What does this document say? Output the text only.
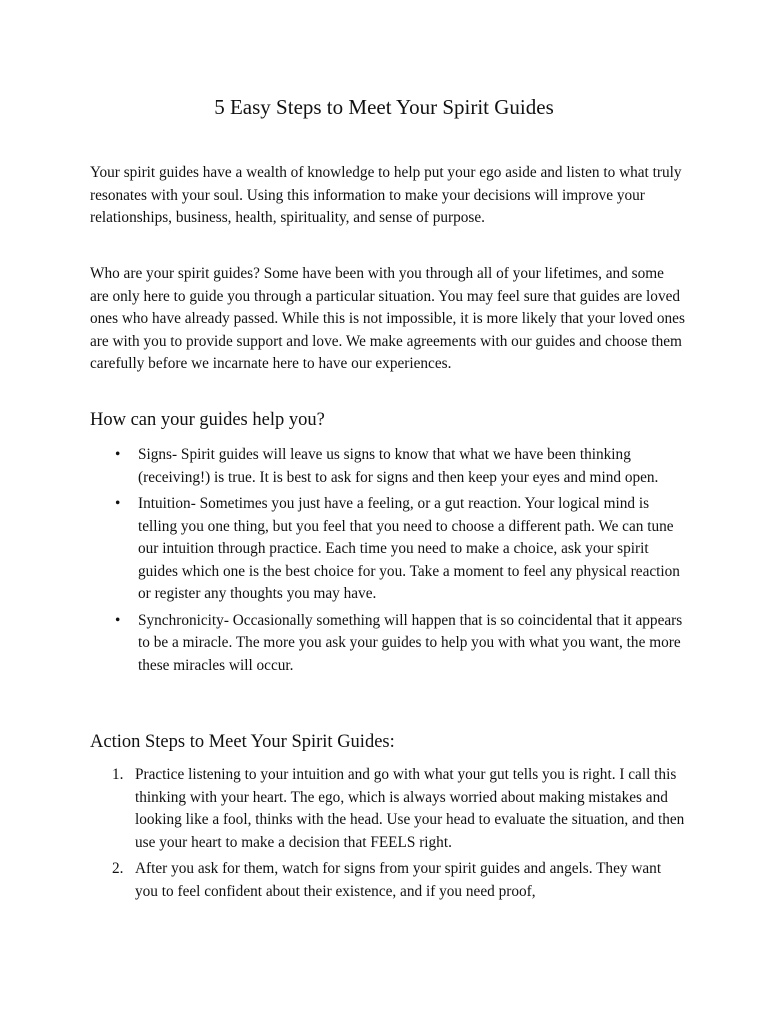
5 Easy Steps to Meet Your Spirit Guides

Your spirit guides have a wealth of knowledge to help put your ego aside and listen to what truly resonates with your soul. Using this information to make your decisions will improve your relationships, business, health, spirituality, and sense of purpose.

Who are your spirit guides? Some have been with you through all of your lifetimes, and some are only here to guide you through a particular situation. You may feel sure that guides are loved ones who have already passed. While this is not impossible, it is more likely that your loved ones are with you to provide support and love. We make agreements with our guides and choose them carefully before we incarnate here to have our experiences.

How can your guides help you?
• Signs- Spirit guides will leave us signs to know that what we have been thinking (receiving!) is true. It is best to ask for signs and then keep your eyes and mind open.
• Intuition- Sometimes you just have a feeling, or a gut reaction. Your logical mind is telling you one thing, but you feel that you need to choose a different path. We can tune our intuition through practice. Each time you need to make a choice, ask your spirit guides which one is the best choice for you. Take a moment to feel any physical reaction or register any thoughts you may have.
• Synchronicity- Occasionally something will happen that is so coincidental that it appears to be a miracle. The more you ask your guides to help you with what you want, the more these miracles will occur.
Action Steps to Meet Your Spirit Guides:
1. Practice listening to your intuition and go with what your gut tells you is right. I call this thinking with your heart. The ego, which is always worried about making mistakes and looking like a fool, thinks with the head. Use your head to evaluate the situation, and then use your heart to make a decision that FEELS right.
2. After you ask for them, watch for signs from your spirit guides and angels. They want you to feel confident about their existence, and if you need proof,
